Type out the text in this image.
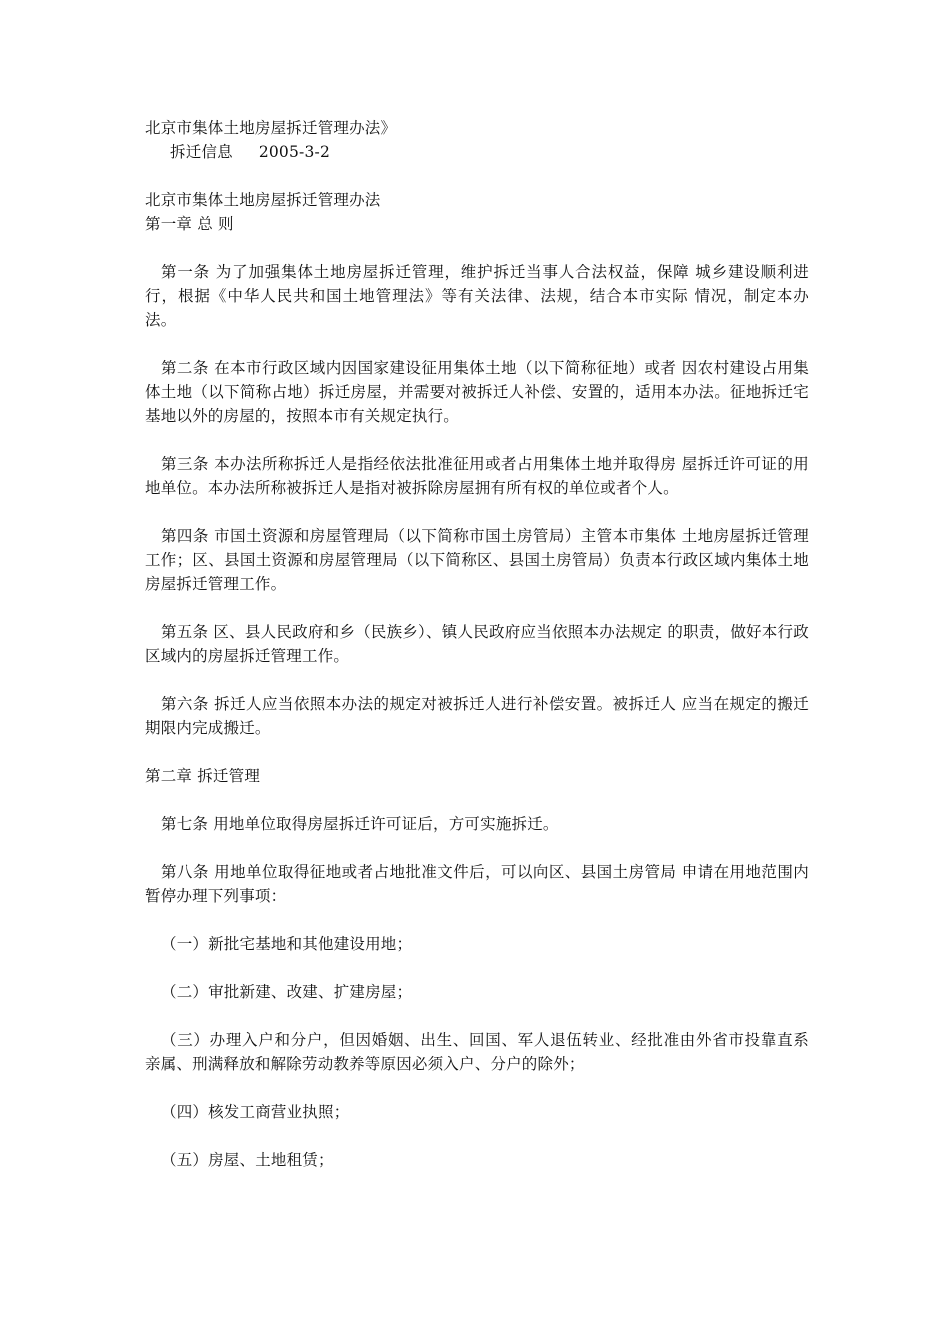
北京市集体土地房屋拆迁管理办法》
拆迁信息 2005-3-2
北京市集体土地房屋拆迁管理办法
第一章 总 则
第一条 为了加强集体土地房屋拆迁管理，维护拆迁当事人合法权益，保障 城乡建设顺利进行，根据《中华人民共和国土地管理法》等有关法律、法规，结合本市实际 情况，制定本办法。
第二条 在本市行政区域内因国家建设征用集体土地（以下简称征地）或者 因农村建设占用集体土地（以下简称占地）拆迁房屋，并需要对被拆迁人补偿、安置的，适用本办法。征地拆迁宅基地以外的房屋的，按照本市有关规定执行。
第三条 本办法所称拆迁人是指经依法批准征用或者占用集体土地并取得房 屋拆迁许可证的用地单位。本办法所称被拆迁人是指对被拆除房屋拥有所有权的单位或者个人。
第四条 市国土资源和房屋管理局（以下简称市国土房管局）主管本市集体 土地房屋拆迁管理工作；区、县国土资源和房屋管理局（以下简称区、县国土房管局）负责本行政区域内集体土地房屋拆迁管理工作。
第五条 区、县人民政府和乡（民族乡）、镇人民政府应当依照本办法规定 的职责，做好本行政区域内的房屋拆迁管理工作。
第六条 拆迁人应当依照本办法的规定对被拆迁人进行补偿安置。被拆迁人 应当在规定的搬迁期限内完成搬迁。
第二章 拆迁管理
第七条 用地单位取得房屋拆迁许可证后，方可实施拆迁。
第八条 用地单位取得征地或者占地批准文件后，可以向区、县国土房管局 申请在用地范围内暂停办理下列事项：
（一）新批宅基地和其他建设用地；
（二）审批新建、改建、扩建房屋；
（三）办理入户和分户，但因婚姻、出生、回国、军人退伍转业、经批准由外省市投靠直系 亲属、刑满释放和解除劳动教养等原因必须入户、分户的除外；
（四）核发工商营业执照；
（五）房屋、土地租赁；
